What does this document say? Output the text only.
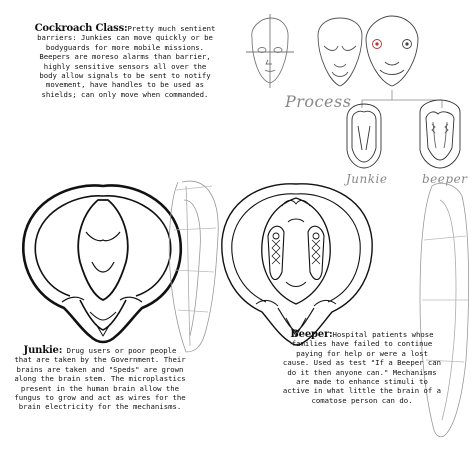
Process
Junkie	beeper
Cockroach Class:Pretty much sentient barriers: Junkies can move quickly or be bodyguards for more mobile missions. Beepers are moreso alarms than barrier, highly sensitive sensors all over the body allow signals to be sent to notify movement, have handles to be used as shields; can only move when commanded.
Junkie: Drug users or poor people that are taken by the Government. Their brains are taken and "Speds" are grown along the brain stem. The microplastics present in the human brain allow the fungus to grow and act as wires for the brain electricity for the mechanisms.
Beeper:Hospital patients whose families have failed to continue paying for help or were a lost cause. Used as test "If a Beeper can do it then anyone can." Mechanisms are made to enhance stimuli to active in what little the brain of a comatose person can do.
